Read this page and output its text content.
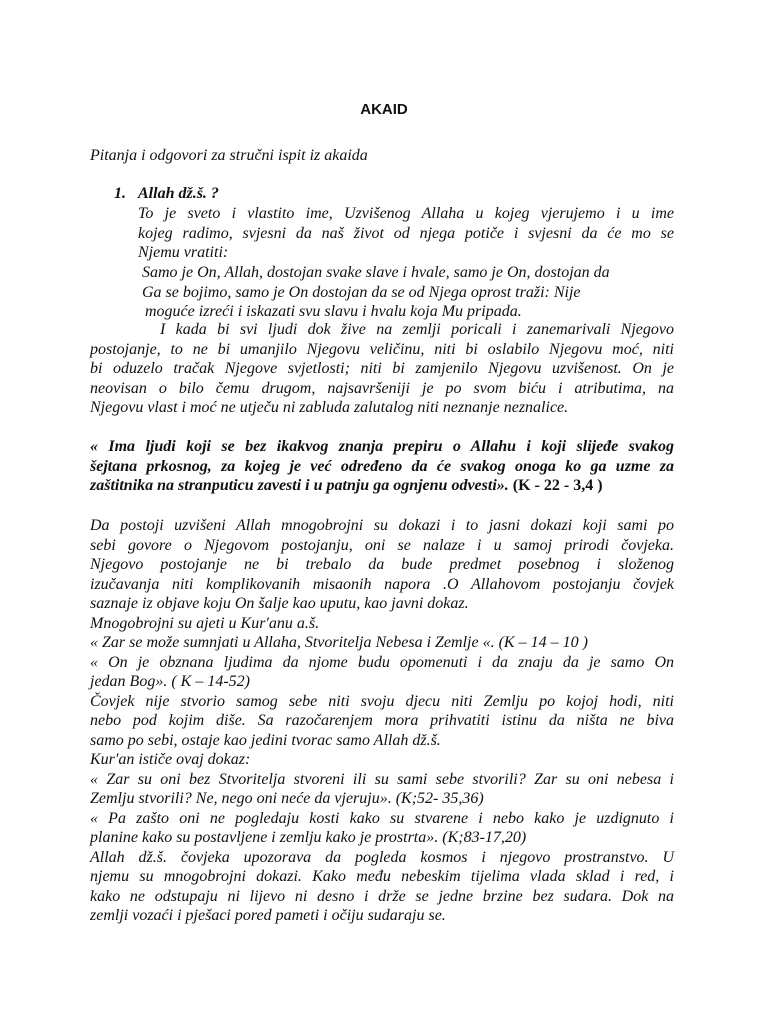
AKAID
Pitanja i odgovori za stručni ispit iz akaida
1. Allah dž.š. ?
To je sveto i vlastito ime, Uzvišenog Allaha u kojeg vjerujemo i u ime
kojeg radimo, svjesni da naš život od njega potiče i svjesni da će mo se
Njemu vratiti:
Samo je On, Allah, dostojan svake slave i hvale, samo je On, dostojan da
Ga se bojimo, samo je On dostojan da se od Njega oprost traži: Nije
moguće izreći i iskazati svu slavu i hvalu koja Mu pripada.
I kada bi svi ljudi dok žive na zemlji poricali i zanemarivali Njegovo
postojanje, to ne bi umanjilo Njegovu veličinu, niti bi oslabilo Njegovu moć, niti
bi oduzelo tračak Njegove svjetlosti; niti bi zamjenilo Njegovu uzvišenost. On je
neovisan o bilo čemu drugom, najsavršeniji je po svom biću i atributima, na
Njegovu vlast i moć ne utječu ni zabluda zalutalog niti neznanje neznalice.
« Ima ljudi koji se bez ikakvog znanja prepiru o Allahu i koji slijeđe svakog
šejtana prkosnog, za kojeg je već određeno da će svakog onoga ko ga uzme za
zaštitnika na stranputicu zavesti i u patnju ga ognjenu odvesti». (K - 22 - 3,4 )
Da postoji uzvišeni Allah mnogobrojni su dokazi i to jasni dokazi koji sami po
sebi govore o Njegovom postojanju, oni se nalaze i u samoj prirodi čovjeka.
Njegovo postojanje ne bi trebalo da bude predmet posebnog i složenog
izučavanja niti komplikovanih misaonih napora .O Allahovom postojanju čovjek
saznaje iz objave koju On šalje kao uputu, kao javni dokaz.
Mnogobrojni su ajeti u Kur'anu a.š.
« Zar se može sumnjati u Allaha, Stvoritelja Nebesa i Zemlje «. (K – 14 – 10 )
« On je obznana ljudima da njome budu opomenuti i da znaju da je samo On
jedan Bog». ( K – 14-52)
Čovjek nije stvorio samog sebe niti svoju djecu niti Zemlju po kojoj hodi, niti
nebo pod kojim diše. Sa razočarenjem mora prihvatiti istinu da ništa ne biva
samo po sebi, ostaje kao jedini tvorac samo Allah dž.š.
Kur'an ističe ovaj dokaz:
« Zar su oni bez Stvoritelja stvoreni ili su sami sebe stvorili? Zar su oni nebesa i
Zemlju stvorili? Ne, nego oni neće da vjeruju». (K;52- 35,36)
« Pa zašto oni ne pogledaju kosti kako su stvarene i nebo kako je uzdignuto i
planine kako su postavljene i zemlju kako je prostrta». (K;83-17,20)
Allah dž.š. čovjeka upozorava da pogleda kosmos i njegovo prostranstvo. U
njemu su mnogobrojni dokazi. Kako među nebeskim tijelima vlada sklad i red, i
kako ne odstupaju ni lijevo ni desno i drže se jedne brzine bez sudara. Dok na
zemlji vozaći i pješaci pored pameti i očiju sudaraju se.
